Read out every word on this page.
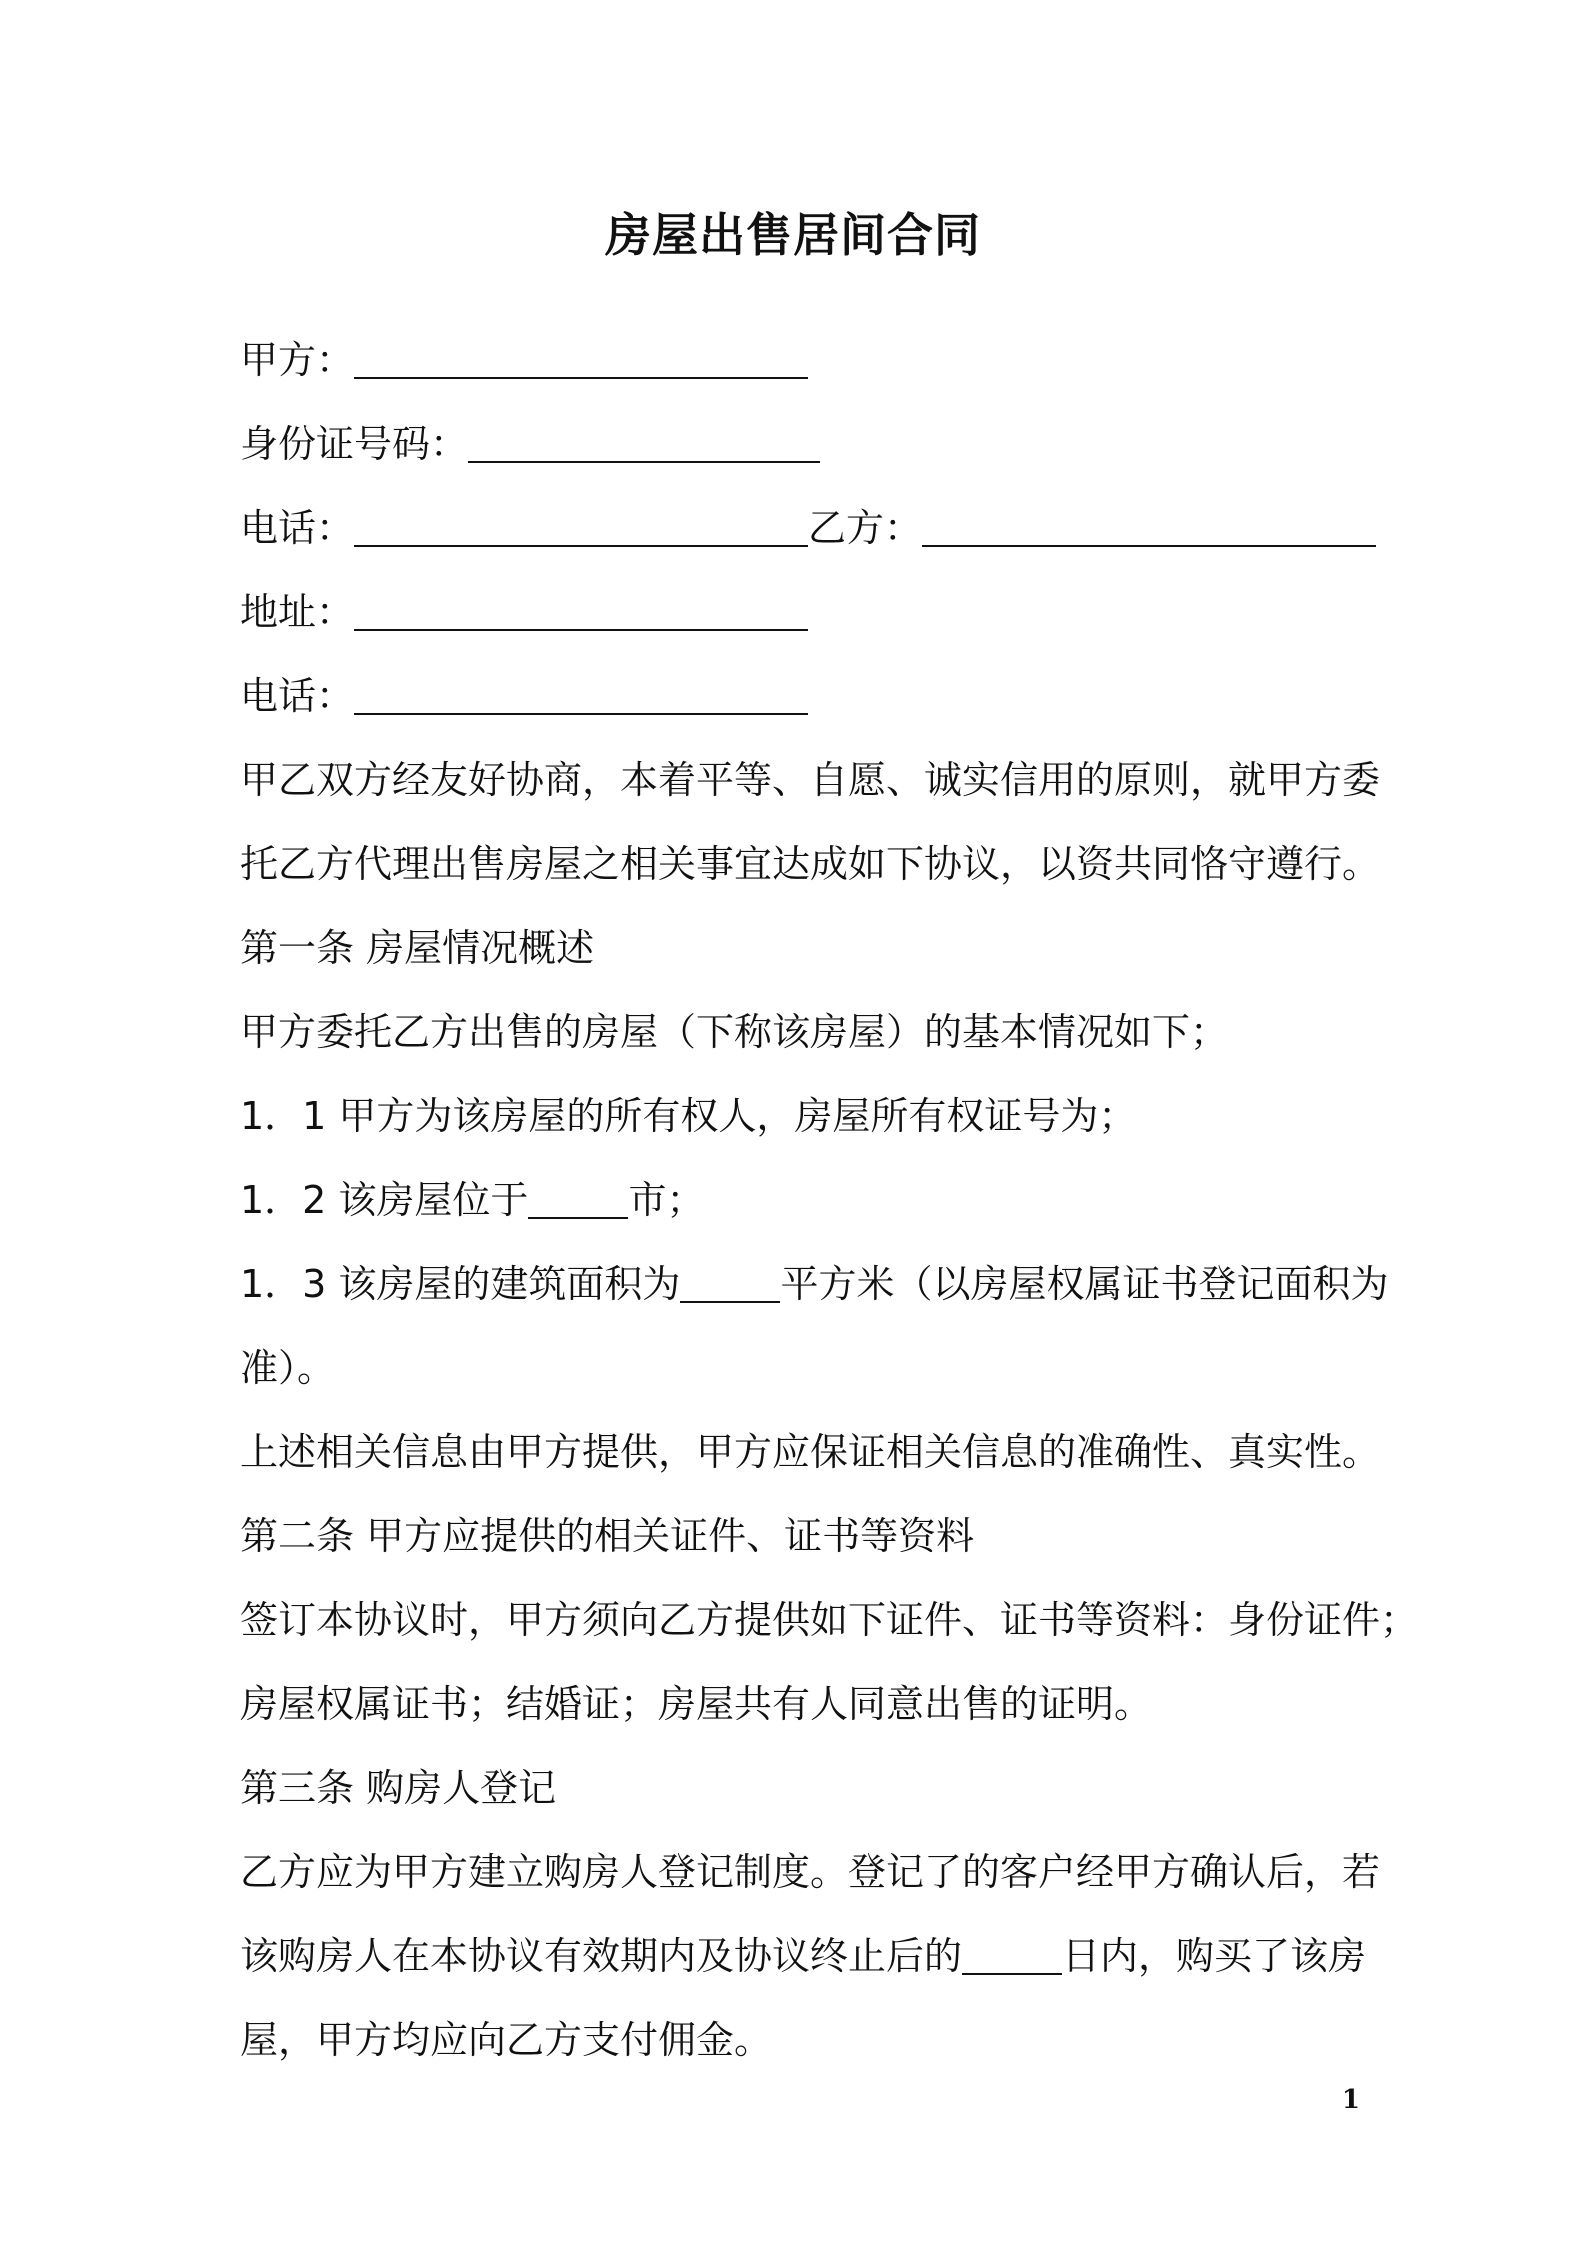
房屋出售居间合同
甲方：
身份证号码：
电话：	乙方：
地址：
电话：
甲乙双方经友好协商，本着平等、自愿、诚实信用的原则，就甲方委
托乙方代理出售房屋之相关事宜达成如下协议，以资共同恪守遵行。
第一条 房屋情况概述
甲方委托乙方出售的房屋（下称该房屋）的基本情况如下；
1．1 甲方为该房屋的所有权人，房屋所有权证号为；
1．2 该房屋位于	市；
1．3 该房屋的建筑面积为	平方米（以房屋权属证书登记面积为
准）。
上述相关信息由甲方提供，甲方应保证相关信息的准确性、真实性。
第二条 甲方应提供的相关证件、证书等资料
签订本协议时，甲方须向乙方提供如下证件、证书等资料：身份证件；
房屋权属证书；结婚证；房屋共有人同意出售的证明。
第三条 购房人登记
乙方应为甲方建立购房人登记制度。登记了的客户经甲方确认后，若
该购房人在本协议有效期内及协议终止后的	日内，购买了该房
屋，甲方均应向乙方支付佣金。
1
